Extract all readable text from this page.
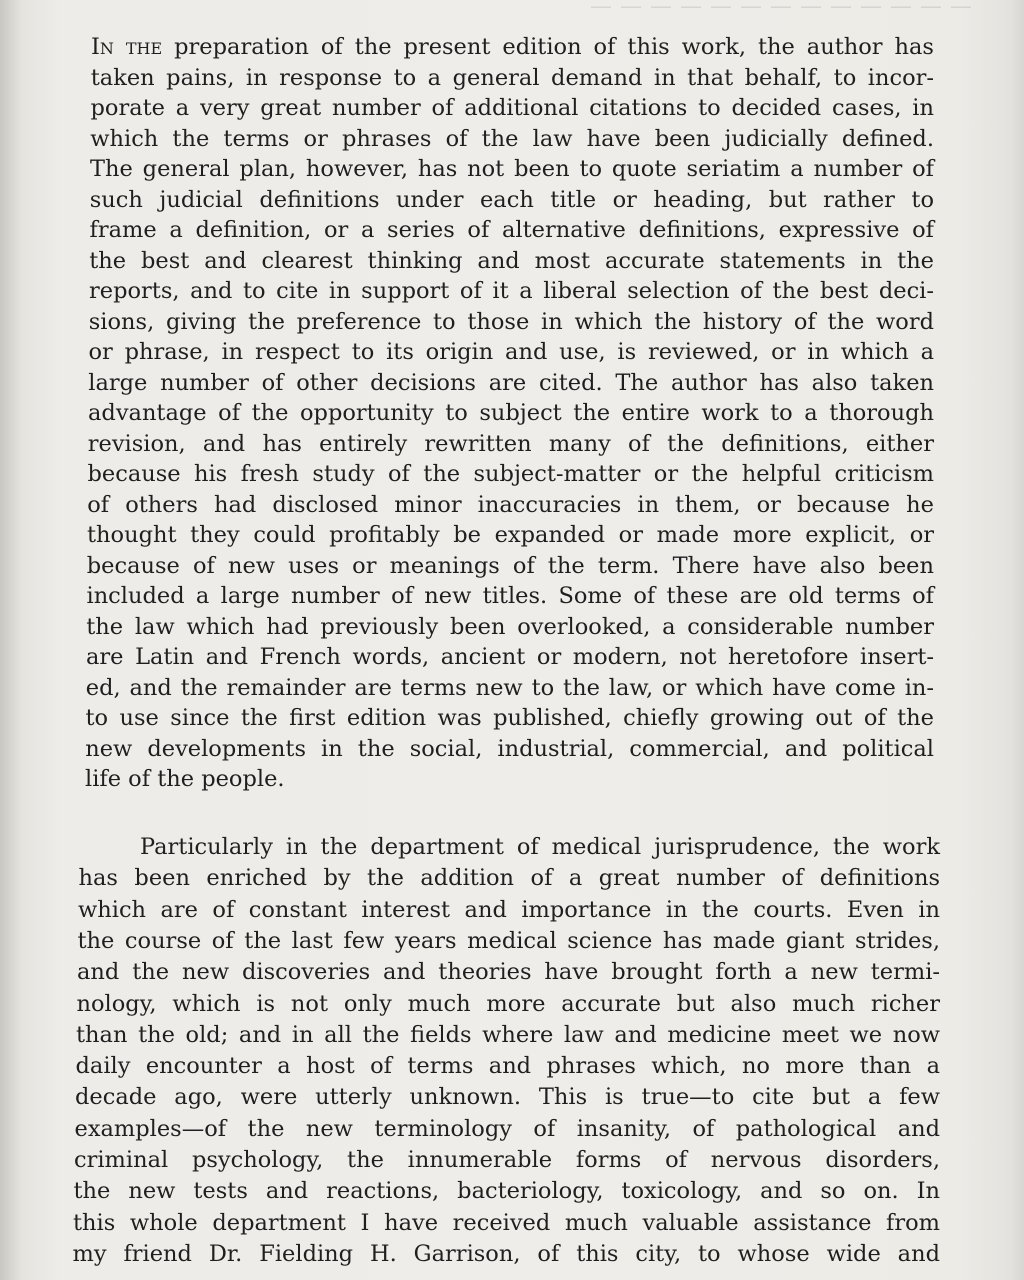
— — — — — — — — — — — — —
In the preparation of the present edition of this work, the author has
taken pains, in response to a general demand in that behalf, to incor-
porate a very great number of additional citations to decided cases, in
which the terms or phrases of the law have been judicially defined.
The general plan, however, has not been to quote seriatim a number of
such judicial definitions under each title or heading, but rather to
frame a definition, or a series of alternative definitions, expressive of
the best and clearest thinking and most accurate statements in the
reports, and to cite in support of it a liberal selection of the best deci-
sions, giving the preference to those in which the history of the word
or phrase, in respect to its origin and use, is reviewed, or in which a
large number of other decisions are cited. The author has also taken
advantage of the opportunity to subject the entire work to a thorough
revision, and has entirely rewritten many of the definitions, either
because his fresh study of the subject-matter or the helpful criticism
of others had disclosed minor inaccuracies in them, or because he
thought they could profitably be expanded or made more explicit, or
because of new uses or meanings of the term. There have also been
included a large number of new titles. Some of these are old terms of
the law which had previously been overlooked, a considerable number
are Latin and French words, ancient or modern, not heretofore insert-
ed, and the remainder are terms new to the law, or which have come in-
to use since the first edition was published, chiefly growing out of the
new developments in the social, industrial, commercial, and political
life of the people.
Particularly in the department of medical jurisprudence, the work
has been enriched by the addition of a great number of definitions
which are of constant interest and importance in the courts. Even in
the course of the last few years medical science has made giant strides,
and the new discoveries and theories have brought forth a new termi-
nology, which is not only much more accurate but also much richer
than the old; and in all the fields where law and medicine meet we now
daily encounter a host of terms and phrases which, no more than a
decade ago, were utterly unknown. This is true—to cite but a few
examples—of the new terminology of insanity, of pathological and
criminal psychology, the innumerable forms of nervous disorders,
the new tests and reactions, bacteriology, toxicology, and so on. In
this whole department I have received much valuable assistance from
my friend Dr. Fielding H. Garrison, of this city, to whose wide and
